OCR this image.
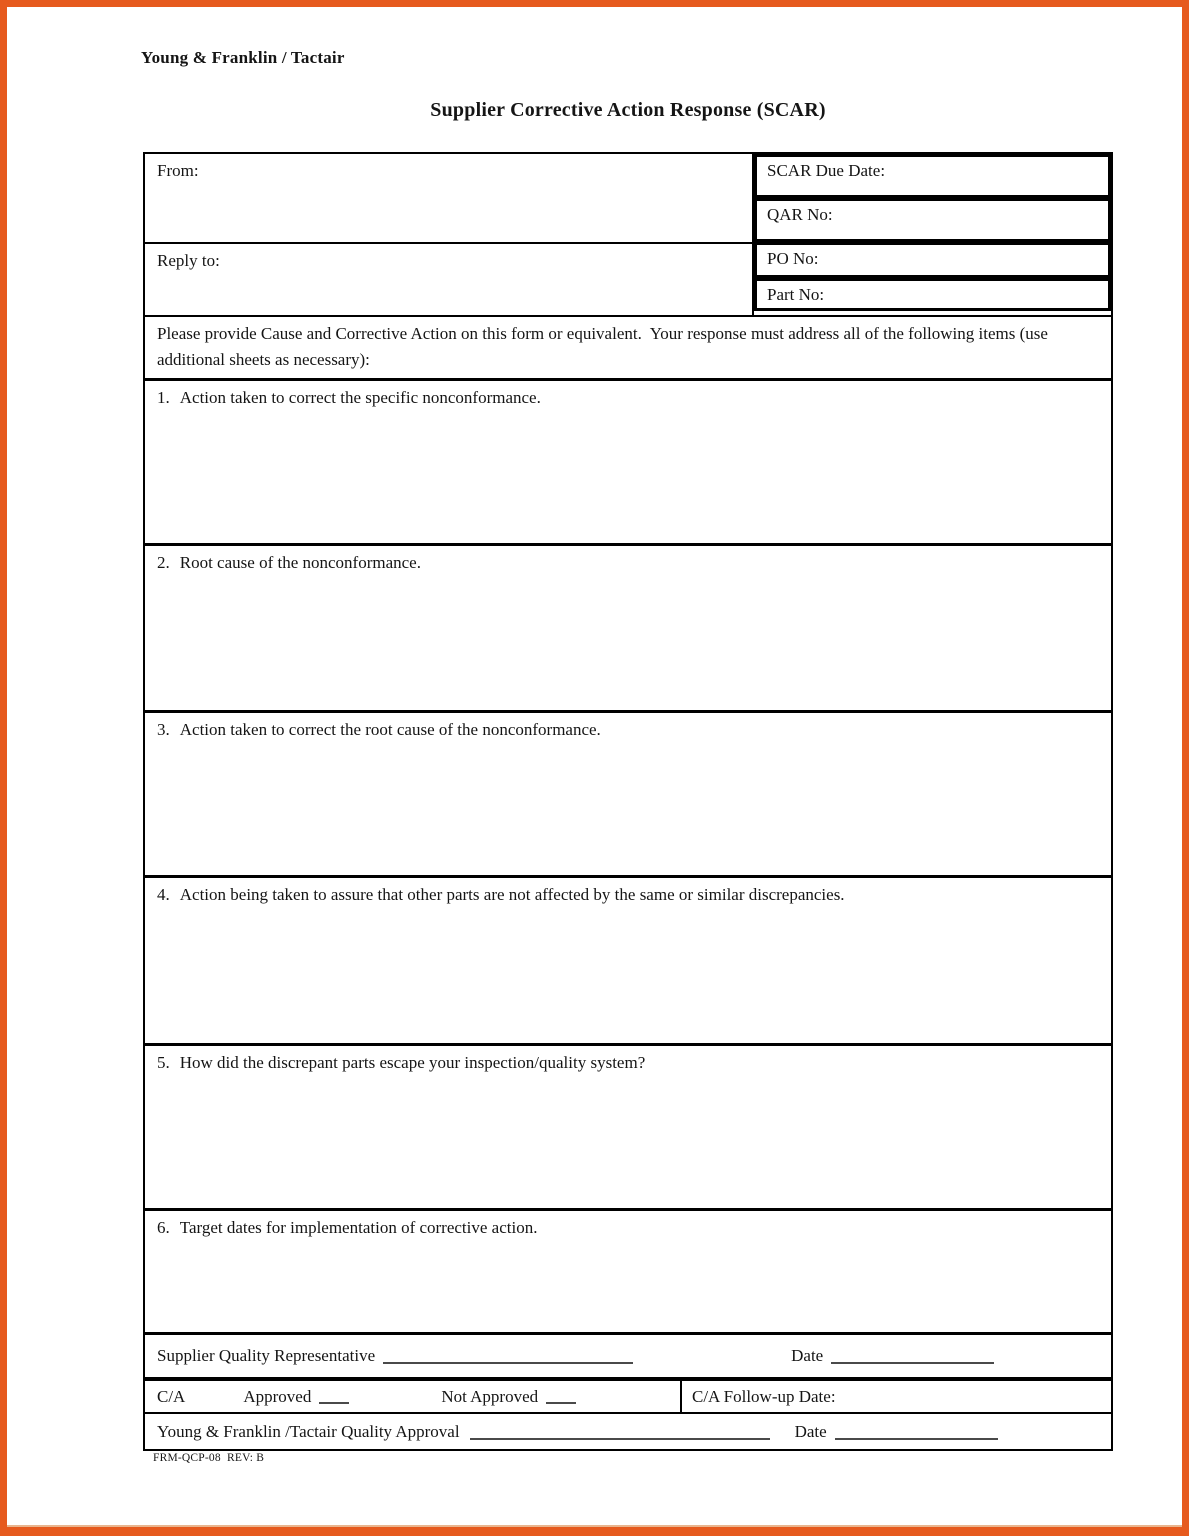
Young & Franklin / Tactair
Supplier Corrective Action Response (SCAR)
From:
Reply to:
SCAR Due Date:
QAR No:
PO No:
Part No:
Please provide Cause and Corrective Action on this form or equivalent.  Your response must address all of the following items (use additional sheets as necessary):
1. Action taken to correct the specific nonconformance.
2. Root cause of the nonconformance.
3. Action taken to correct the root cause of the nonconformance.
4. Action being taken to assure that other parts are not affected by the same or similar discrepancies.
5. How did the discrepant parts escape your inspection/quality system?
6. Target dates for implementation of corrective action.
Supplier Quality Representative	Date
C/A	Approved	Not Approved	C/A Follow-up Date:
Young & Franklin /Tactair Quality Approval	Date
FRM-QCP-08  REV: B
